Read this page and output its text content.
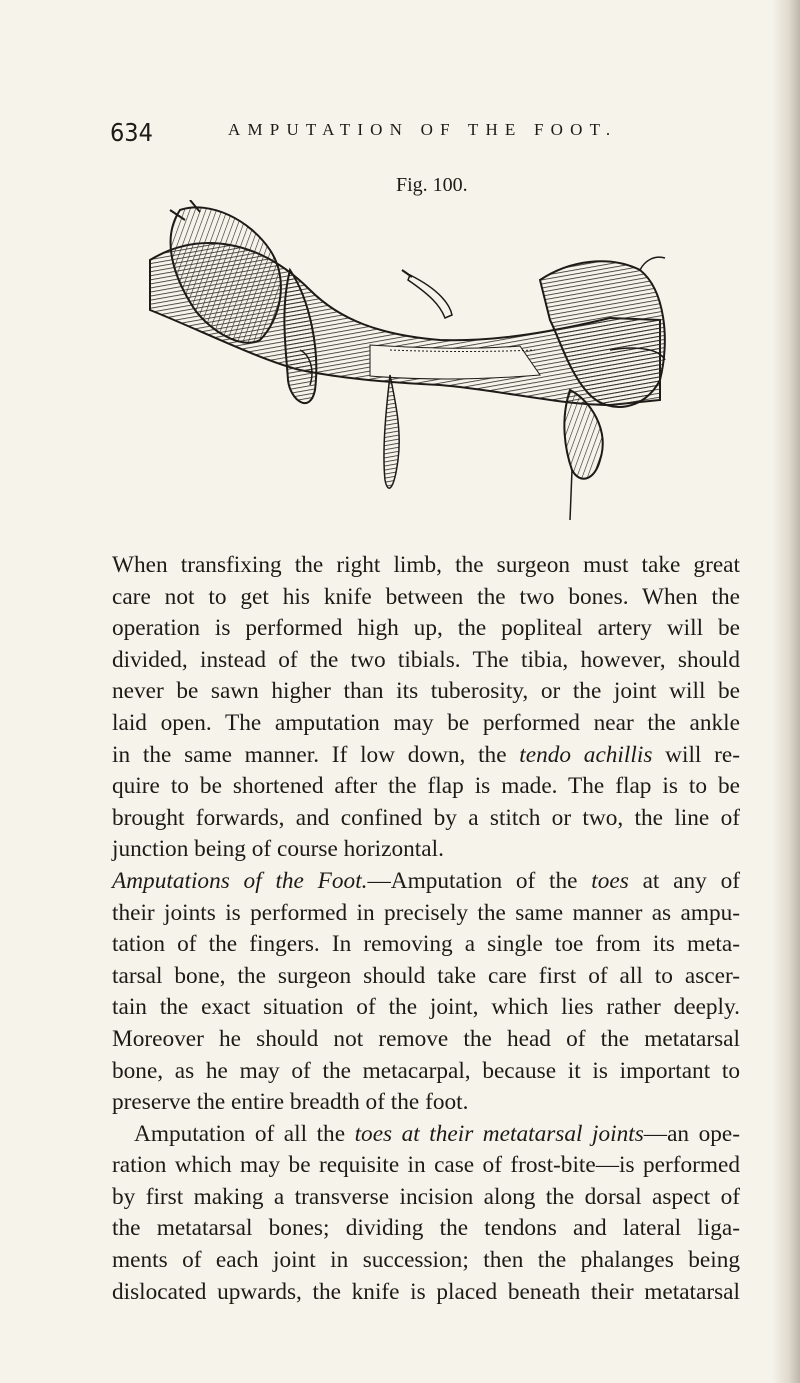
634	AMPUTATION OF THE FOOT.
Fig. 100.
When transfixing the right limb, the surgeon must take great
care not to get his knife between the two bones. When the
operation is performed high up, the popliteal artery will be
divided, instead of the two tibials. The tibia, however, should
never be sawn higher than its tuberosity, or the joint will be
laid open. The amputation may be performed near the ankle
in the same manner. If low down, the tendo achillis will re-
quire to be shortened after the flap is made. The flap is to be
brought forwards, and confined by a stitch or two, the line of
junction being of course horizontal.
Amputations of the Foot.—Amputation of the toes at any of
their joints is performed in precisely the same manner as ampu-
tation of the fingers. In removing a single toe from its meta-
tarsal bone, the surgeon should take care first of all to ascer-
tain the exact situation of the joint, which lies rather deeply.
Moreover he should not remove the head of the metatarsal
bone, as he may of the metacarpal, because it is important to
preserve the entire breadth of the foot.
Amputation of all the toes at their metatarsal joints—an ope-
ration which may be requisite in case of frost-bite—is performed
by first making a transverse incision along the dorsal aspect of
the metatarsal bones; dividing the tendons and lateral liga-
ments of each joint in succession; then the phalanges being
dislocated upwards, the knife is placed beneath their metatarsal
